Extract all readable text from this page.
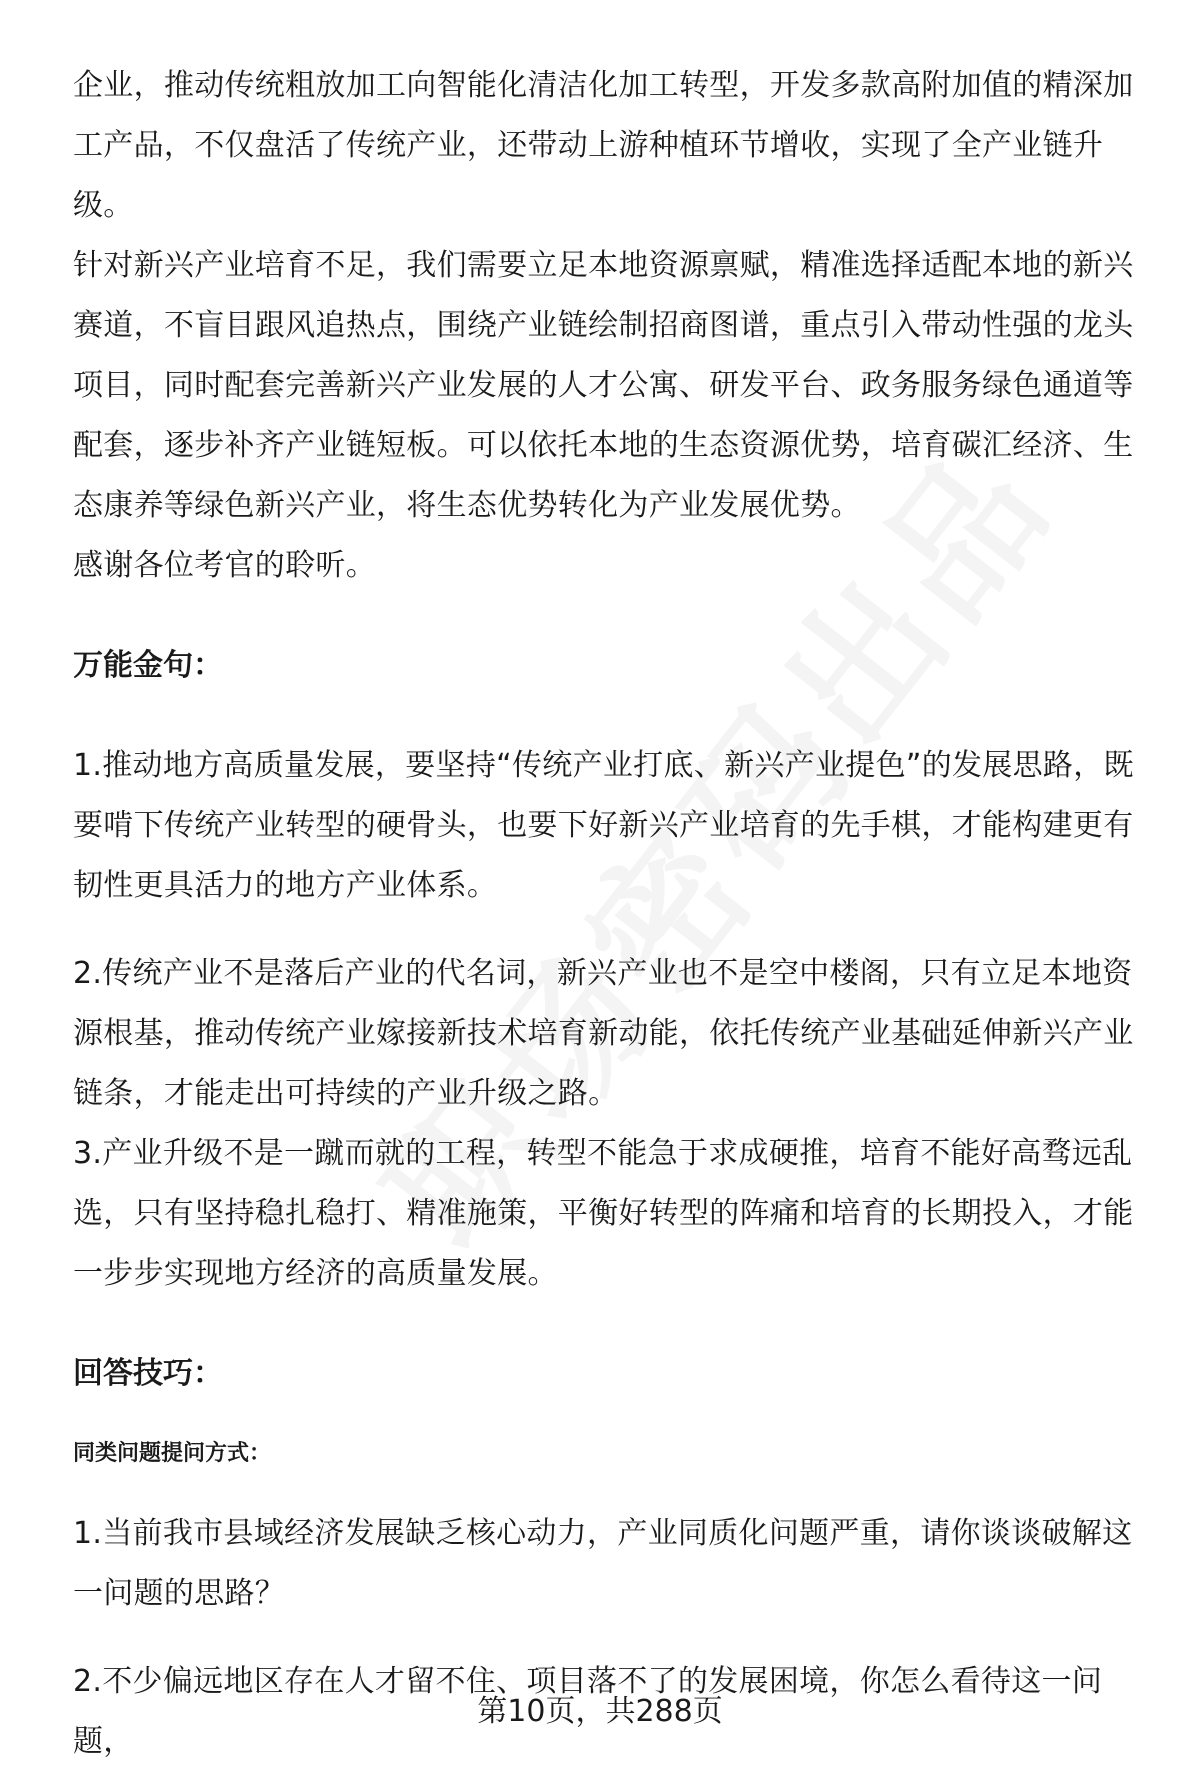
企业，推动传统粗放加工向智能化清洁化加工转型，开发多款高附加值的精深加工产品，不仅盘活了传统产业，还带动上游种植环节增收，实现了全产业链升级。

针对新兴产业培育不足，我们需要立足本地资源禀赋，精准选择适配本地的新兴赛道，不盲目跟风追热点，围绕产业链绘制招商图谱，重点引入带动性强的龙头项目，同时配套完善新兴产业发展的人才公寓、研发平台、政务服务绿色通道等配套，逐步补齐产业链短板。可以依托本地的生态资源优势，培育碳汇经济、生态康养等绿色新兴产业，将生态优势转化为产业发展优势。

感谢各位考官的聆听。

万能金句：

1.推动地方高质量发展，要坚持“传统产业打底、新兴产业提色”的发展思路，既要啃下传统产业转型的硬骨头，也要下好新兴产业培育的先手棋，才能构建更有韧性更具活力的地方产业体系。

2.传统产业不是落后产业的代名词，新兴产业也不是空中楼阁，只有立足本地资源根基，推动传统产业嫁接新技术培育新动能，依托传统产业基础延伸新兴产业链条，才能走出可持续的产业升级之路。

3.产业升级不是一蹴而就的工程，转型不能急于求成硬推，培育不能好高骛远乱选，只有坚持稳扎稳打、精准施策，平衡好转型的阵痛和培育的长期投入，才能一步步实现地方经济的高质量发展。

回答技巧：

同类问题提问方式：

1.当前我市县域经济发展缺乏核心动力，产业同质化问题严重，请你谈谈破解这一问题的思路？

2.不少偏远地区存在人才留不住、项目落不了的发展困境，你怎么看待这一问题，

第10页，共288页
